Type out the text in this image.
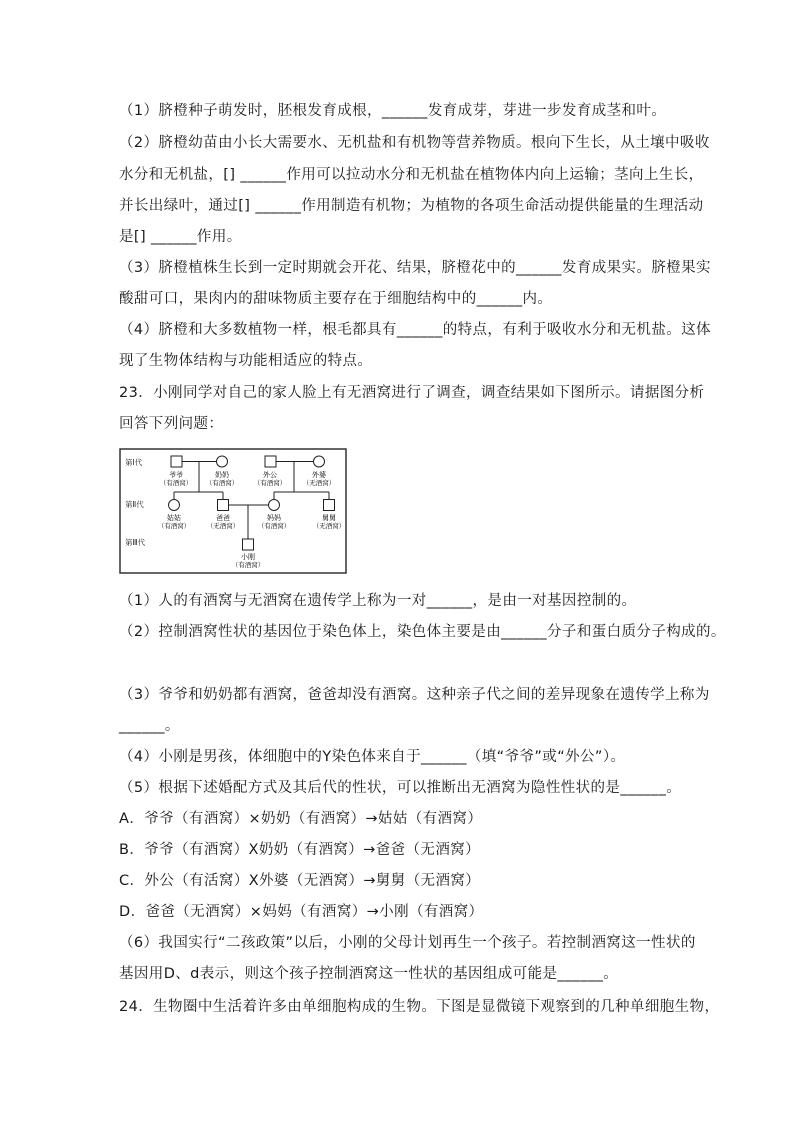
（1）脐橙种子萌发时，胚根发育成根，______发育成芽，芽进一步发育成茎和叶。
（2）脐橙幼苗由小长大需要水、无机盐和有机物等营养物质。根向下生长，从土壤中吸收
水分和无机盐，[] ______作用可以拉动水分和无机盐在植物体内向上运输；茎向上生长，
并长出绿叶，通过[] ______作用制造有机物；为植物的各项生命活动提供能量的生理活动
是[] ______作用。
（3）脐橙植株生长到一定时期就会开花、结果，脐橙花中的______发育成果实。脐橙果实
酸甜可口，果肉内的甜味物质主要存在于细胞结构中的______内。
（4）脐橙和大多数植物一样，根毛都具有______的特点，有利于吸收水分和无机盐。这体
现了生物体结构与功能相适应的特点。
23．小刚同学对自己的家人脸上有无酒窝进行了调查，调查结果如下图所示。请据图分析
回答下列问题：
第Ⅰ代
第Ⅱ代
第Ⅲ代
爷爷
（有酒窝）
奶奶
（有酒窝）
外公
（有酒窝）
外婆
（无酒窝）
姑姑
（有酒窝）
爸爸
（无酒窝）
妈妈
（有酒窝）
舅舅
（无酒窝）
小刚
（有酒窝）
（1）人的有酒窝与无酒窝在遗传学上称为一对______，是由一对基因控制的。
（2）控制酒窝性状的基因位于染色体上，染色体主要是由______分子和蛋白质分子构成的。
（3）爷爷和奶奶都有酒窝，爸爸却没有酒窝。这种亲子代之间的差异现象在遗传学上称为
______。
（4）小刚是男孩，体细胞中的Y染色体来自于______（填“爷爷”或“外公”）。
（5）根据下述婚配方式及其后代的性状，可以推断出无酒窝为隐性性状的是______。
A．爷爷（有酒窝）×奶奶（有酒窝）→姑姑（有酒窝）
B．爷爷（有酒窝）X奶奶（有酒窝）→爸爸（无酒窝）
C．外公（有活窝）X外婆（无酒窝）→舅舅（无酒窝）
D．爸爸（无酒窝）×妈妈（有酒窝）→小刚（有酒窝）
（6）我国实行“二孩政策”以后，小刚的父母计划再生一个孩子。若控制酒窝这一性状的
基因用D、d表示，则这个孩子控制酒窝这一性状的基因组成可能是______。
24．生物圈中生活着许多由单细胞构成的生物。下图是显微镜下观察到的几种单细胞生物，
